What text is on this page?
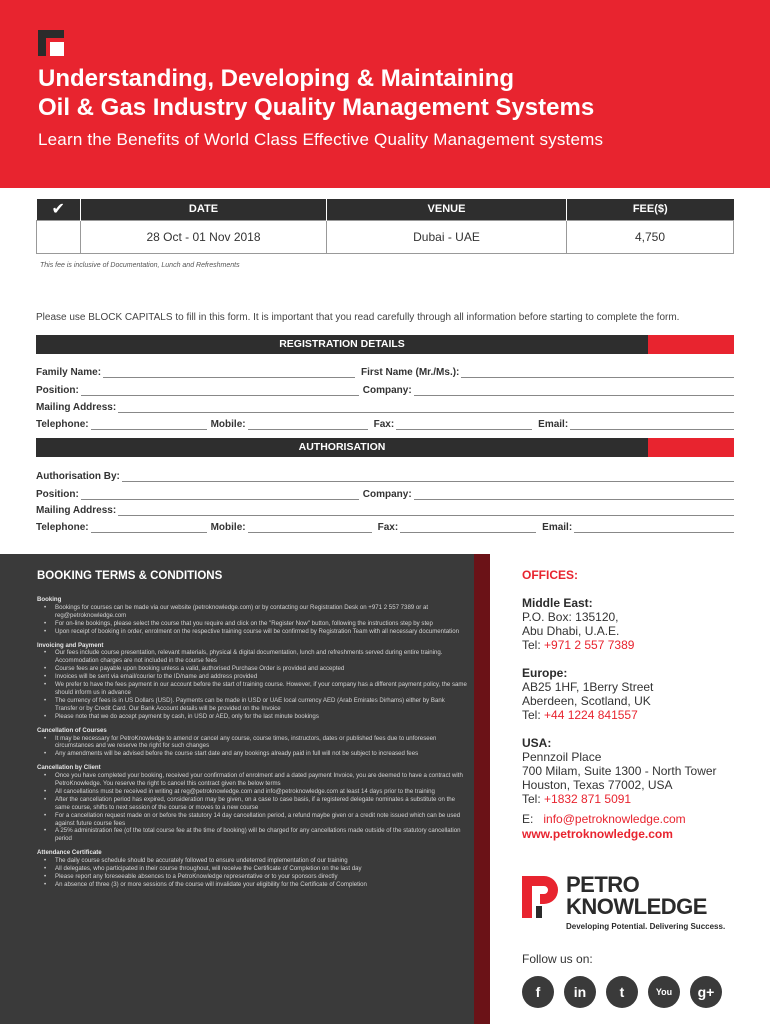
Understanding, Developing & Maintaining
Oil & Gas Industry Quality Management Systems
Learn the Benefits of World Class Effective Quality Management systems
✔	DATE	VENUE	FEE($)
	28 Oct - 01 Nov 2018	Dubai - UAE	4,750
This fee is inclusive of Documentation, Lunch and Refreshments
Please use BLOCK CAPITALS to fill in this form. It is important that you read carefully through all information before starting to complete the form.
REGISTRATION DETAILS
Family Name:	First Name (Mr./Ms.):
Position:	Company:
Mailing Address:
Telephone:	Mobile:	Fax:	Email:
AUTHORISATION
Authorisation By:
Position:	Company:
Mailing Address:
Telephone:	Mobile:	Fax:	Email:
BOOKING TERMS & CONDITIONS
Booking
• Bookings for courses can be made via our website (petroknowledge.com) or by contacting our Registration Desk on +971 2 557 7389 or at reg@petroknowledge.com
• For on-line bookings, please select the course that you require and click on the "Register Now" button, following the instructions step by step
• Upon receipt of booking in order, enrolment on the respective training course will be confirmed by Registration Team with all necessary documentation
Invoicing and Payment
• Our fees include course presentation, relevant materials, physical & digital documentation, lunch and refreshments served during entire training. Accommodation charges are not included in the course fees
• Course fees are payable upon booking unless a valid, authorised Purchase Order is provided and accepted
• Invoices will be sent via email/courier to the ID/name and address provided
• We prefer to have the fees payment in our account before the start of training course. However, if your company has a different payment policy, the same should inform us in advance
• The currency of fees is in US Dollars (USD). Payments can be made in USD or UAE local currency AED (Arab Emirates Dirhams) either by Bank Transfer or by Credit Card. Our Bank Account details will be provided on the Invoice
• Please note that we do accept payment by cash, in USD or AED, only for the last minute bookings
Cancellation of Courses
• It may be necessary for PetroKnowledge to amend or cancel any course, course times, instructors, dates or published fees due to unforeseen circumstances and we reserve the right for such changes
• Any amendments will be advised before the course start date and any bookings already paid in full will not be subject to increased fees
Cancellation by Client
• Once you have completed your booking, received your confirmation of enrolment and a dated payment Invoice, you are deemed to have a contract with PetroKnowledge. You reserve the right to cancel this contract given the below terms
• All cancellations must be received in writing at reg@petroknowledge.com and info@petroknowledge.com at least 14 days prior to the training
• After the cancellation period has expired, consideration may be given, on a case to case basis, if a registered delegate nominates a substitute on the same course, shifts to next session of the course or moves to a new course
• For a cancellation request made on or before the statutory 14 day cancellation period, a refund maybe given or a credit note issued which can be used against future course fees
• A 25% administration fee (of the total course fee at the time of booking) will be charged for any cancellations made outside of the statutory cancellation period
Attendance Certificate
• The daily course schedule should be accurately followed to ensure undeterred implementation of our training
• All delegates, who participated in their course throughout, will receive the Certificate of Completion on the last day
• Please report any foreseeable absences to a PetroKnowledge representative or to your sponsors directly
• An absence of three (3) or more sessions of the course will invalidate your eligibility for the Certificate of Completion
OFFICES:
Middle East:
P.O. Box: 135120,
Abu Dhabi, U.A.E.
Tel: +971 2 557 7389
Europe:
AB25 1HF, 1Berry Street
Aberdeen, Scotland, UK
Tel: +44 1224 841557
USA:
Pennzoil Place
700 Milam, Suite 1300 - North Tower
Houston, Texas 77002, USA
Tel: +1832 871 5091
E: info@petroknowledge.com
www.petroknowledge.com
PETRO
KNOWLEDGE
Developing Potential. Delivering Success.
Follow us on:
f	in	t	You	g+
